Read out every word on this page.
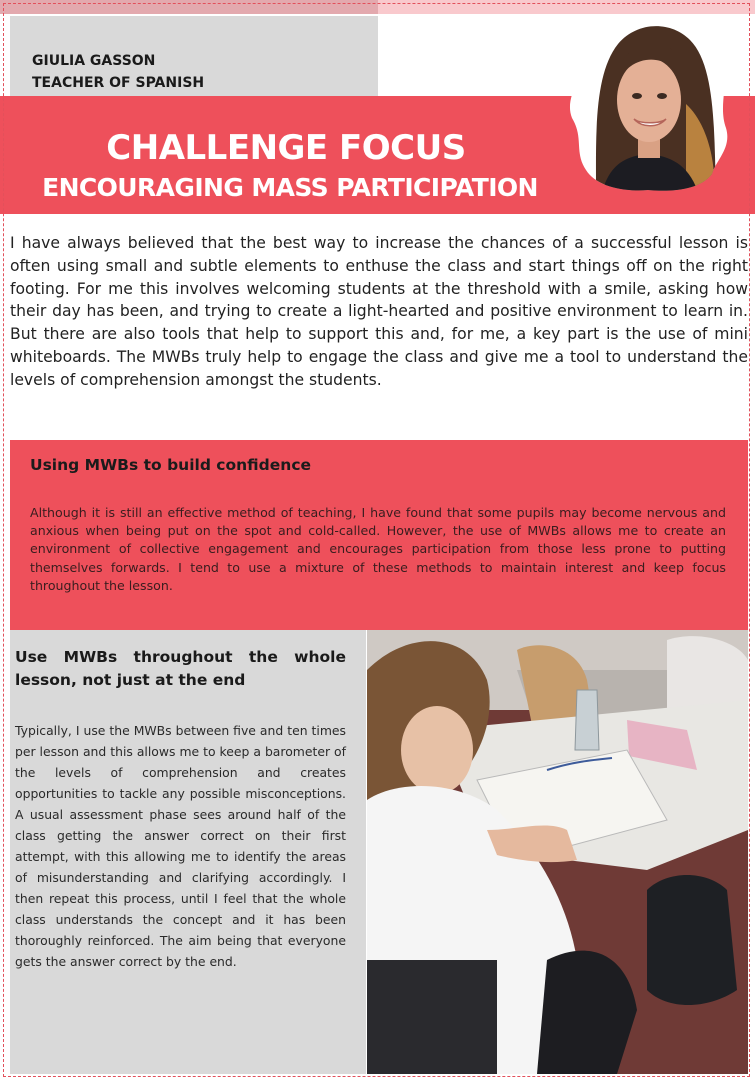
GIULIA GASSON
TEACHER OF SPANISH
CHALLENGE FOCUS
ENCOURAGING MASS PARTICIPATION
I have always believed that the best way to increase the chances of a successful lesson is often using small and subtle elements to enthuse the class and start things off on the right footing. For me this involves welcoming students at the threshold with a smile, asking how their day has been, and trying to create a light-hearted and positive environment to learn in. But there are also tools that help to support this and, for me, a key part is the use of mini whiteboards. The MWBs truly help to engage the class and give me a tool to understand the levels of comprehension amongst the students.
Using MWBs to build confidence
Although it is still an effective method of teaching, I have found that some pupils may become nervous and anxious when being put on the spot and cold-called. However, the use of MWBs allows me to create an environment of collective engagement and encourages participation from those less prone to putting themselves forwards. I tend to use a mixture of these methods to maintain interest and keep focus throughout the lesson.
Use MWBs throughout the whole lesson, not just at the end
Typically, I use the MWBs between five and ten times per lesson and this allows me to keep a barometer of the levels of comprehension and creates opportunities to tackle any possible misconceptions. A usual assessment phase sees around half of the class getting the answer correct on their first attempt, with this allowing me to identify the areas of misunderstanding and clarifying accordingly. I then repeat this process, until I feel that the whole class understands the concept and it has been thoroughly reinforced. The aim being that everyone gets the answer correct by the end.
